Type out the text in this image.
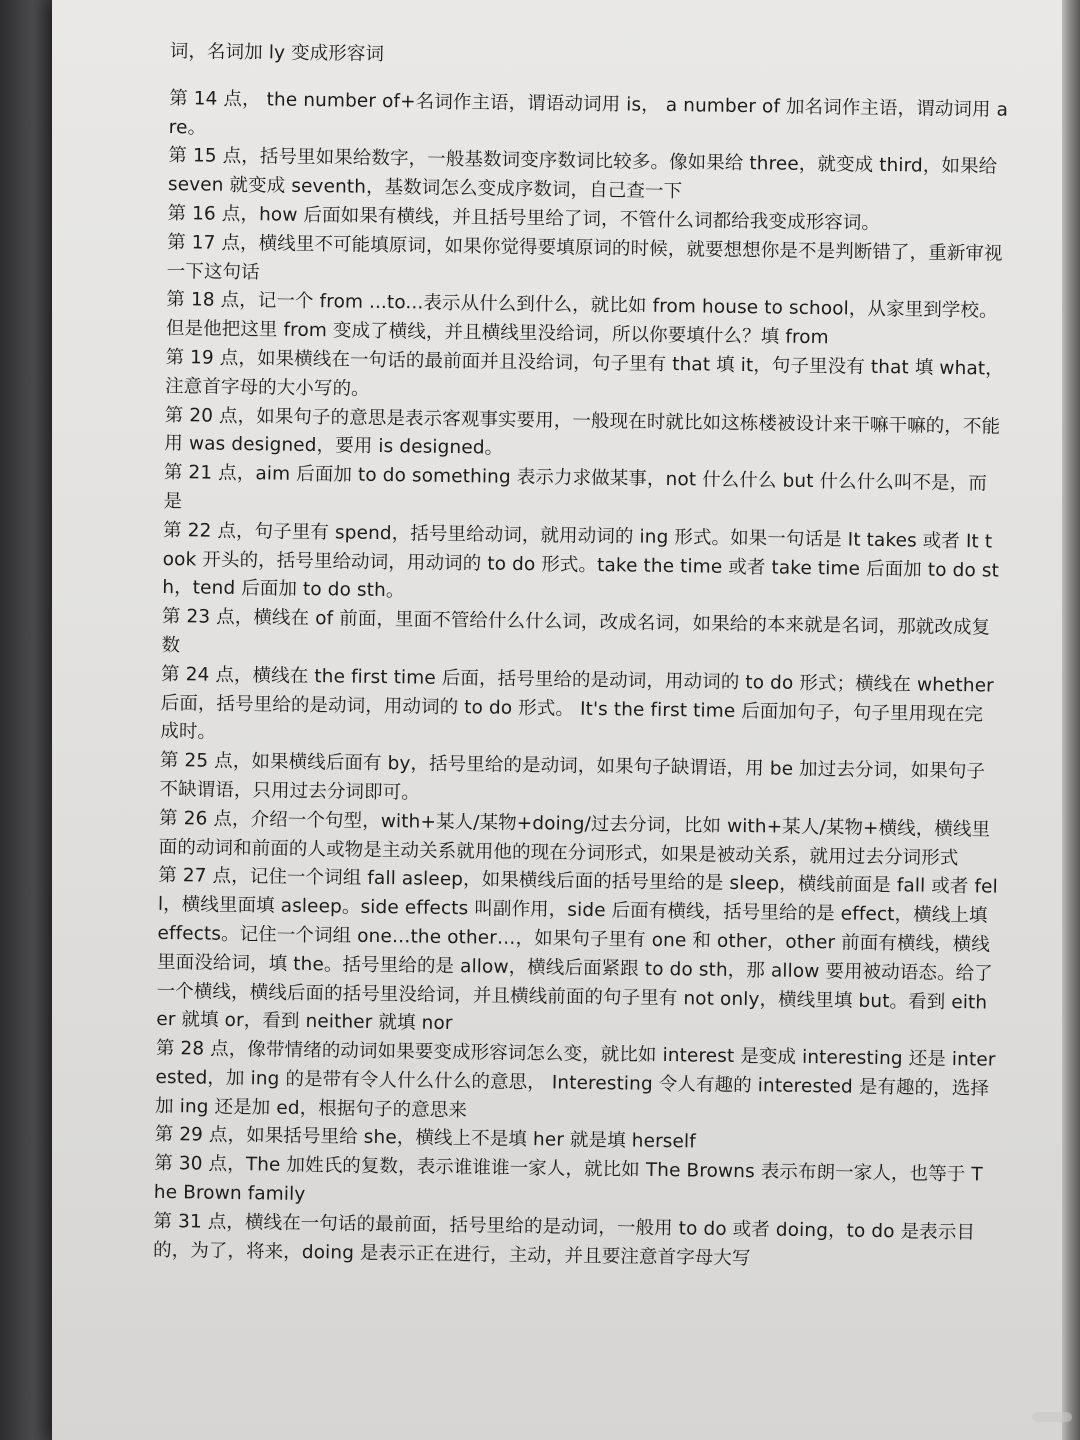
词，名词加 ly 变成形容词

第 14 点， the number of+名词作主语，谓语动词用 is， a number of 加名词作主语，谓动词用 are。

第 15 点，括号里如果给数字，一般基数词变序数词比较多。像如果给 three，就变成 third，如果给 seven 就变成 seventh，基数词怎么变成序数词，自己查一下

第 16 点，how 后面如果有横线，并且括号里给了词，不管什么词都给我变成形容词。

第 17 点，横线里不可能填原词，如果你觉得要填原词的时候，就要想想你是不是判断错了，重新审视一下这句话

第 18 点，记一个 from ...to...表示从什么到什么，就比如 from house to school，从家里到学校。但是他把这里 from 变成了横线，并且横线里没给词，所以你要填什么？填 from

第 19 点，如果横线在一句话的最前面并且没给词，句子里有 that 填 it，句子里没有 that 填 what，注意首字母的大小写的。

第 20 点，如果句子的意思是表示客观事实要用，一般现在时就比如这栋楼被设计来干嘛干嘛的，不能用 was designed，要用 is designed。

第 21 点，aim 后面加 to do something 表示力求做某事，not 什么什么 but 什么什么叫不是，而是

第 22 点，句子里有 spend，括号里给动词，就用动词的 ing 形式。如果一句话是 It takes 或者 It took 开头的，括号里给动词，用动词的 to do 形式。take the time 或者 take time 后面加 to do sth，tend 后面加 to do sth。

第 23 点，横线在 of 前面，里面不管给什么什么词，改成名词，如果给的本来就是名词，那就改成复数

第 24 点，横线在 the first time 后面，括号里给的是动词，用动词的 to do 形式；横线在 whether 后面，括号里给的是动词，用动词的 to do 形式。 It's the first time 后面加句子，句子里用现在完成时。

第 25 点，如果横线后面有 by，括号里给的是动词，如果句子缺谓语，用 be 加过去分词，如果句子不缺谓语，只用过去分词即可。

第 26 点，介绍一个句型，with+某人/某物+doing/过去分词，比如 with+某人/某物+横线，横线里面的动词和前面的人或物是主动关系就用他的现在分词形式，如果是被动关系，就用过去分词形式

第 27 点，记住一个词组 fall asleep，如果横线后面的括号里给的是 sleep，横线前面是 fall 或者 fell，横线里面填 asleep。side effects 叫副作用，side 后面有横线，括号里给的是 effect，横线上填 effects。记住一个词组 one…the other…，如果句子里有 one 和 other，other 前面有横线，横线里面没给词，填 the。括号里给的是 allow，横线后面紧跟 to do sth，那 allow 要用被动语态。给了一个横线，横线后面的括号里没给词，并且横线前面的句子里有 not only，横线里填 but。看到 either 就填 or，看到 neither 就填 nor

第 28 点，像带情绪的动词如果要变成形容词怎么变，就比如 interest 是变成 interesting 还是 interested，加 ing 的是带有令人什么什么的意思， Interesting 令人有趣的 interested 是有趣的，选择加 ing 还是加 ed，根据句子的意思来

第 29 点，如果括号里给 she，横线上不是填 her 就是填 herself

第 30 点，The 加姓氏的复数，表示谁谁谁一家人，就比如 The Browns 表示布朗一家人，也等于 The Brown family

第 31 点，横线在一句话的最前面，括号里给的是动词，一般用 to do 或者 doing，to do 是表示目的，为了，将来，doing 是表示正在进行，主动，并且要注意首字母大写
